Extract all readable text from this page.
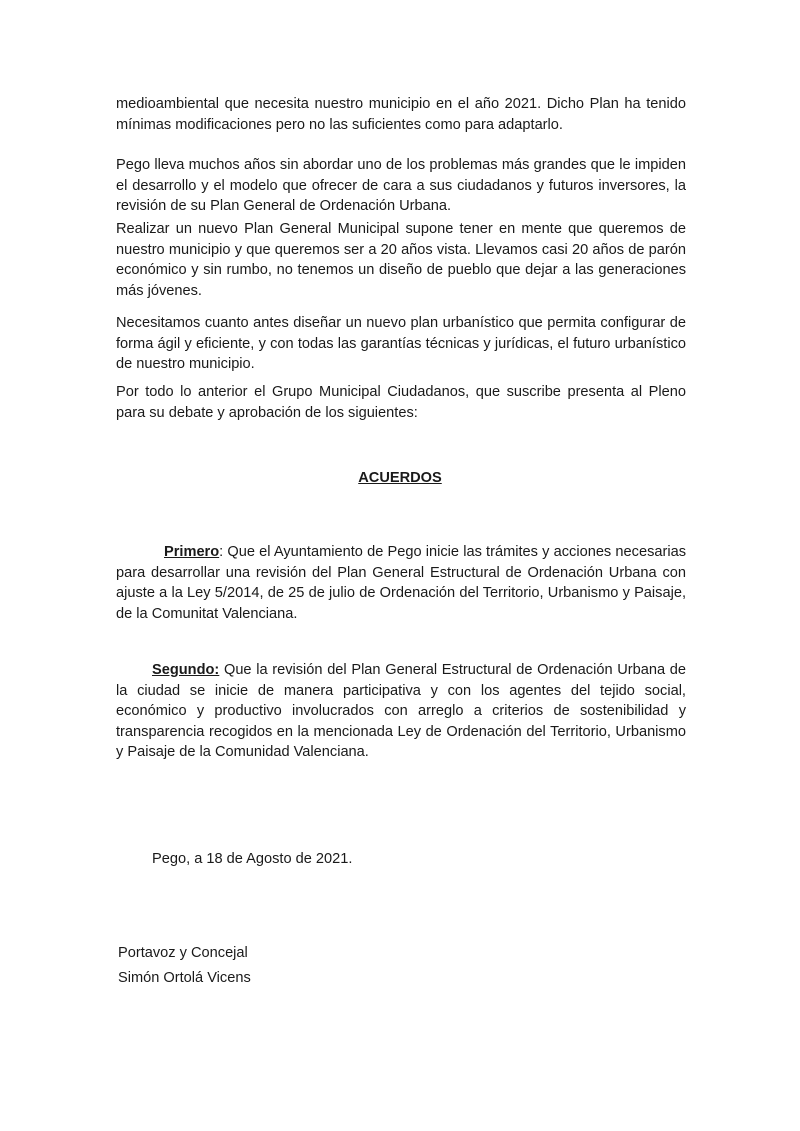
medioambiental que necesita nuestro municipio en el año 2021. Dicho Plan ha tenido mínimas modificaciones pero no las suficientes como para adaptarlo.

Pego lleva muchos años sin abordar uno de los problemas más grandes que le impiden el desarrollo y el modelo que ofrecer de cara a sus ciudadanos y futuros inversores, la revisión de su Plan General de Ordenación Urbana.

Realizar un nuevo Plan General Municipal supone tener en mente que queremos de nuestro municipio y que queremos ser a 20 años vista. Llevamos casi 20 años de parón económico y sin rumbo, no tenemos un diseño de pueblo que dejar a las generaciones más jóvenes.

Necesitamos cuanto antes diseñar un nuevo plan urbanístico que permita configurar de forma ágil y eficiente, y con todas las garantías técnicas y jurídicas, el futuro urbanístico de nuestro municipio.

Por todo lo anterior el Grupo Municipal Ciudadanos, que suscribe presenta al Pleno para su debate y aprobación de los siguientes:

ACUERDOS

Primero: Que el Ayuntamiento de Pego inicie las trámites y acciones necesarias para desarrollar una revisión del Plan General Estructural de Ordenación Urbana con ajuste a la Ley 5/2014, de 25 de julio de Ordenación del Territorio, Urbanismo y Paisaje, de la Comunitat Valenciana.

Segundo: Que la revisión del Plan General Estructural de Ordenación Urbana de la ciudad se inicie de manera participativa y con los agentes del tejido social, económico y productivo involucrados con arreglo a criterios de sostenibilidad y transparencia recogidos en la mencionada Ley de Ordenación del Territorio, Urbanismo y Paisaje de la Comunidad Valenciana.

Pego, a 18 de Agosto de 2021.

Portavoz y Concejal

Simón Ortolá Vicens
